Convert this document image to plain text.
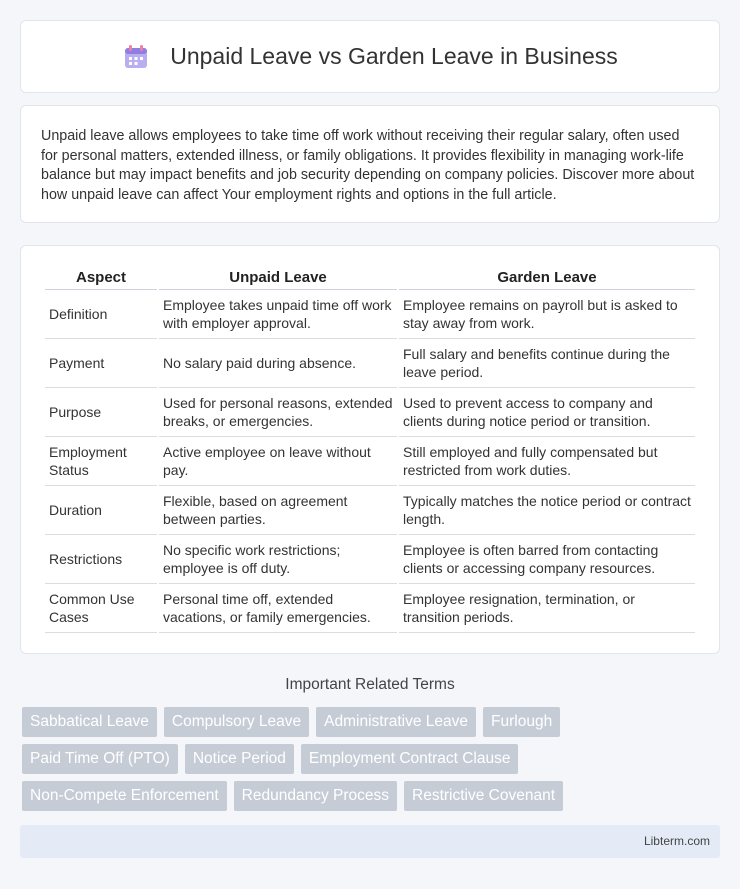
Unpaid Leave vs Garden Leave in Business

Unpaid leave allows employees to take time off work without receiving their regular salary, often used for personal matters, extended illness, or family obligations. It provides flexibility in managing work-life balance but may impact benefits and job security depending on company policies. Discover more about how unpaid leave can affect Your employment rights and options in the full article.

Aspect	Unpaid Leave	Garden Leave
Definition	Employee takes unpaid time off work with employer approval.	Employee remains on payroll but is asked to stay away from work.
Payment	No salary paid during absence.	Full salary and benefits continue during the leave period.
Purpose	Used for personal reasons, extended breaks, or emergencies.	Used to prevent access to company and clients during notice period or transition.
Employment Status	Active employee on leave without pay.	Still employed and fully compensated but restricted from work duties.
Duration	Flexible, based on agreement between parties.	Typically matches the notice period or contract length.
Restrictions	No specific work restrictions; employee is off duty.	Employee is often barred from contacting clients or accessing company resources.
Common Use Cases	Personal time off, extended vacations, or family emergencies.	Employee resignation, termination, or transition periods.
Important Related Terms
Sabbatical Leave	Compulsory Leave	Administrative Leave	Furlough
Paid Time Off (PTO)	Notice Period	Employment Contract Clause
Non-Compete Enforcement	Redundancy Process	Restrictive Covenant
Libterm.com
